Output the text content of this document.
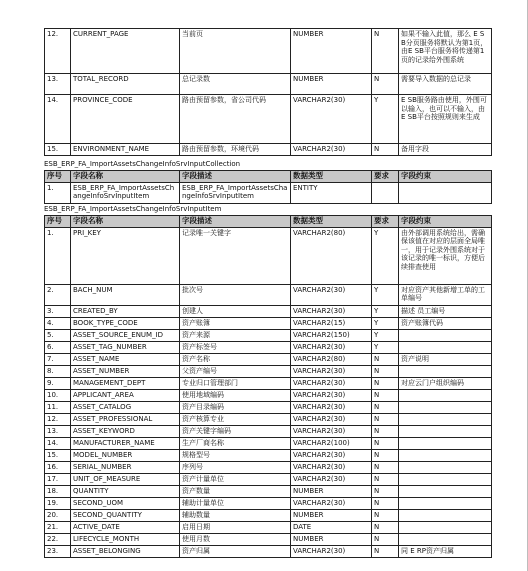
12.	CURRENT_PAGE	当前页	NUMBER	N	如果不输入此值，那么 E SB分页服务将默认为第1页，由E SB平台服务将传递第1页的记录给外围系统
13.	TOTAL_RECORD	总记录数	NUMBER	N	需要导入数据的总记录
14.	PROVINCE_CODE	路由预留参数，省公司代码	VARCHAR2(30)	Y	E SB服务路由使用，外围可以输入，也可以不输入，由E SB平台按照规则来生成
15.	ENVIRONMENT_NAME	路由预留参数，环境代码	VARCHAR2(30)	N	备用字段
ESB_ERP_FA_ImportAssetsChangeInfoSrvInputCollection
序号	字段名称	字段描述	数据类型	要求	字段约束
1.	ESB_ERP_FA_ImportAssetsChangeInfoSrvInputItem	ESB_ERP_FA_ImportAssetsChangeInfoSrvInputItem	ENTITY		
ESB_ERP_FA_ImportAssetsChangeInfoSrvInputItem
序号	字段名称	字段描述	数据类型	要求	字段约束
1.	PRI_KEY	记录唯一关键字	VARCHAR2(80)	Y	由外部调用系统给出，需确保该值在对应的层面全局唯一，用于记录外围系统对于该记录的唯一标识，方便后续排查使用
2.	BACH_NUM	批次号	VARCHAR2(30)	Y	对应资产其他新增工单的工单编号
3.	CREATED_BY	创建人	VARCHAR2(30)	Y	描述 员工编号
4.	BOOK_TYPE_CODE	资产账簿	VARCHAR2(15)	Y	资产账簿代码
5.	ASSET_SOURCE_ENUM_ID	资产来源	VARCHAR2(150)	Y	
6.	ASSET_TAG_NUMBER	资产标签号	VARCHAR2(30)	Y	
7.	ASSET_NAME	资产名称	VARCHAR2(80)	N	资产说明
8.	ASSET_NUMBER	父资产编号	VARCHAR2(30)	N	
9.	MANAGEMENT_DEPT	专业归口管理部门	VARCHAR2(30)	N	对应云门户组织编码
10.	APPLICANT_AREA	使用地域编码	VARCHAR2(30)	N	
11.	ASSET_CATALOG	资产目录编码	VARCHAR2(30)	N	
12.	ASSET_PROFESSIONAL	资产核算专业	VARCHAR2(30)	N	
13.	ASSET_KEYWORD	资产关键字编码	VARCHAR2(30)	N	
14.	MANUFACTURER_NAME	生产厂商名称	VARCHAR2(100)	N	
15.	MODEL_NUMBER	规格型号	VARCHAR2(30)	N	
16.	SERIAL_NUMBER	序列号	VARCHAR2(30)	N	
17.	UNIT_OF_MEASURE	资产计量单位	VARCHAR2(30)	N	
18.	QUANTITY	资产数量	NUMBER	N	
19.	SECOND_UOM	辅助计量单位	VARCHAR2(30)	N	
20.	SECOND_QUANTITY	辅助数量	NUMBER	N	
21.	ACTIVE_DATE	启用日期	DATE	N	
22.	LIFECYCLE_MONTH	使用月数	NUMBER	N	
23.	ASSET_BELONGING	资产归属	VARCHAR2(30)	N	同 E RP资产归属
